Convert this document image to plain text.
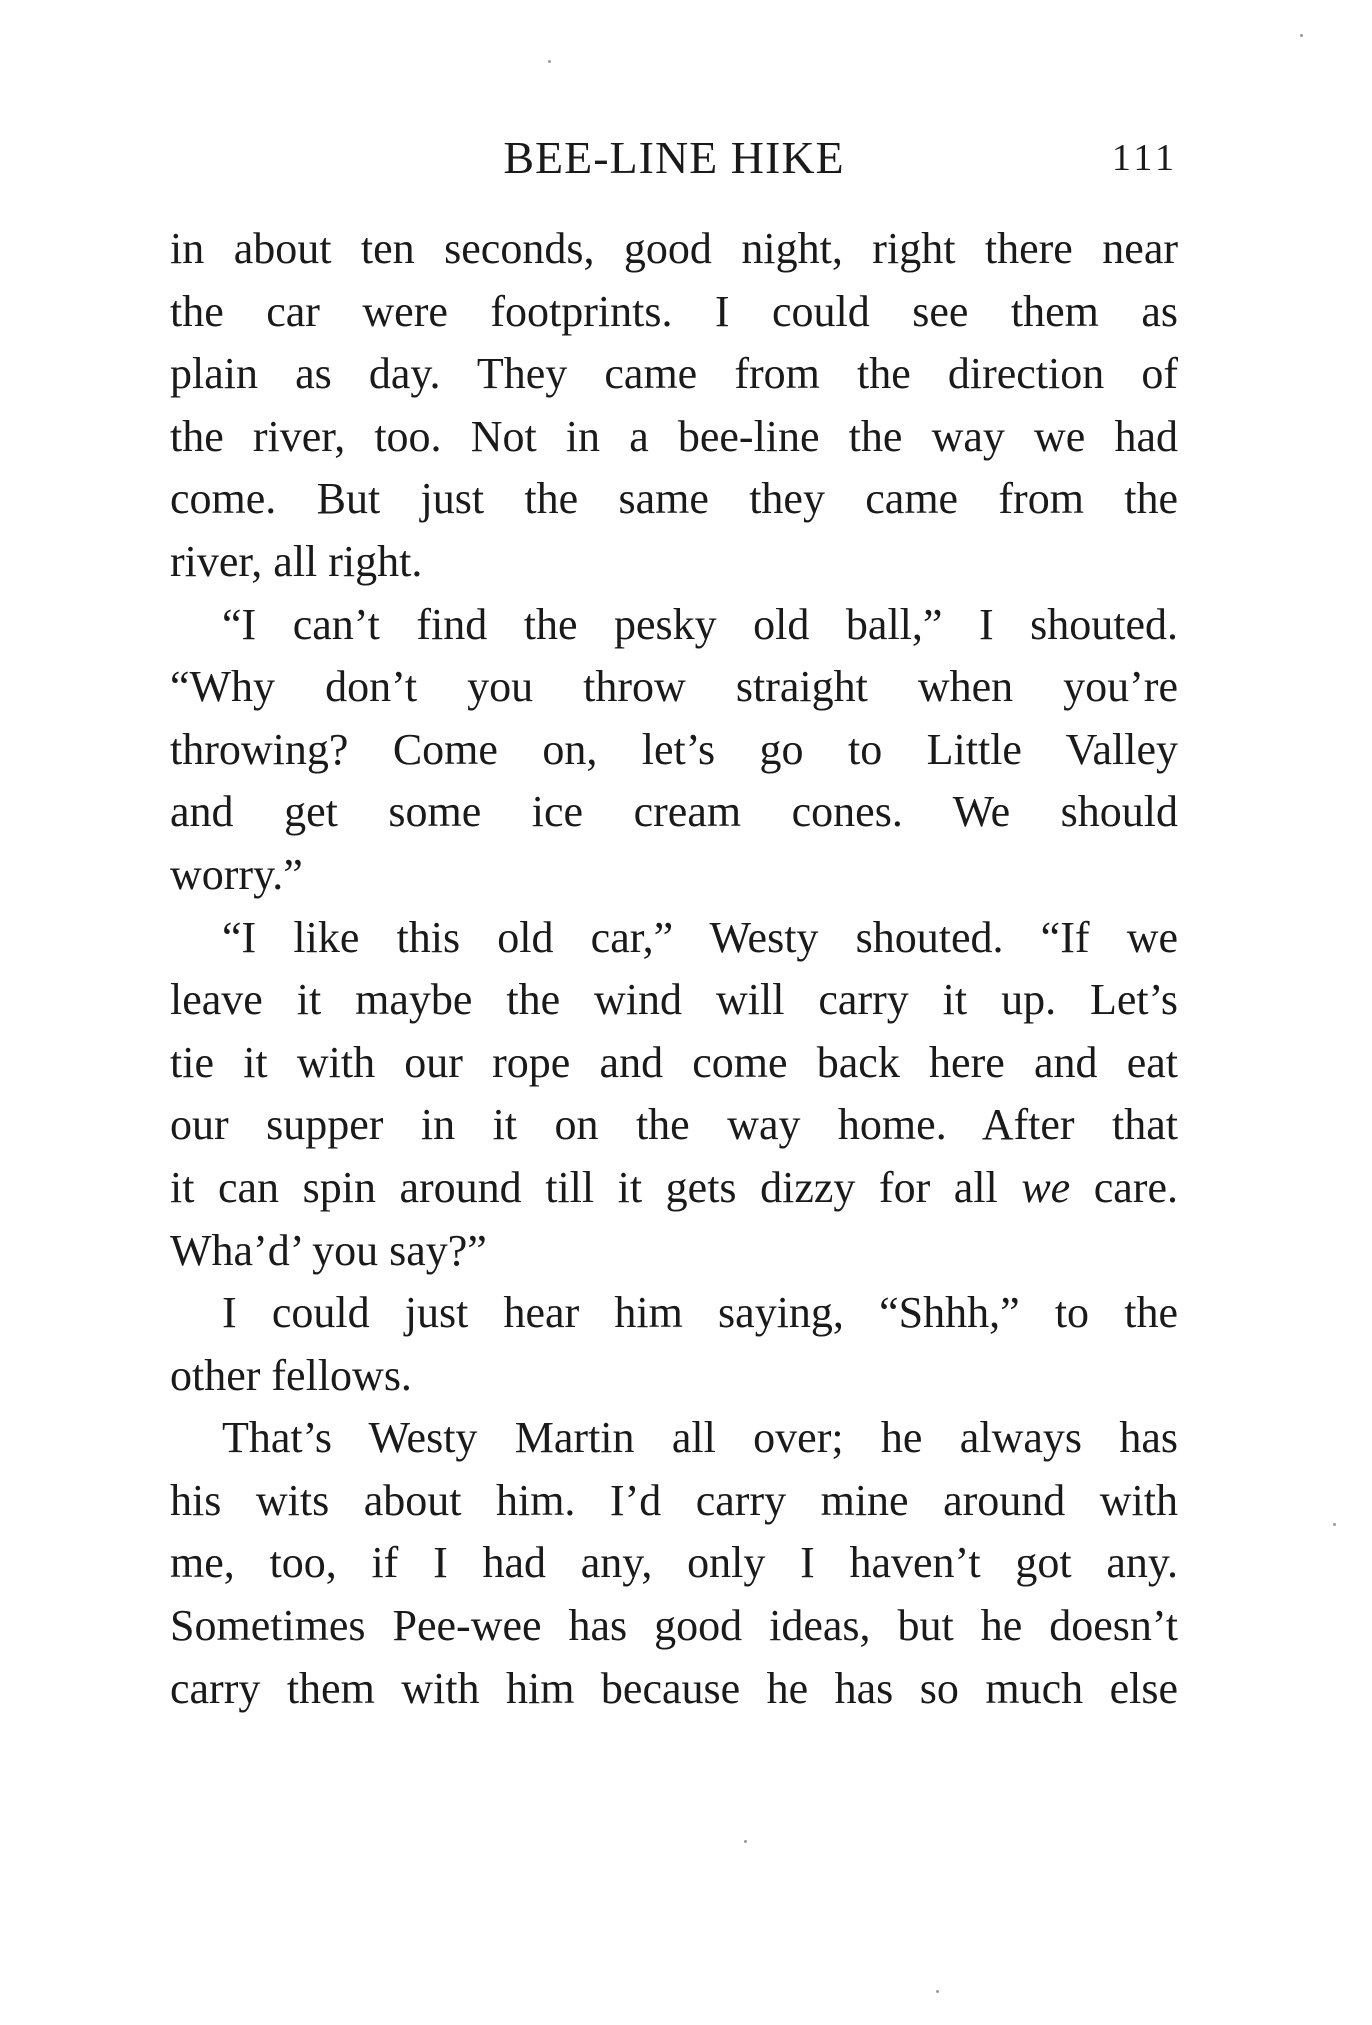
BEE-LINE HIKE	111
in about ten seconds, good night, right there near
the car were footprints. I could see them as
plain as day. They came from the direction of
the river, too. Not in a bee-line the way we had
come. But just the same they came from the
river, all right.
“I can’t find the pesky old ball,” I shouted.
“Why don’t you throw straight when you’re
throwing? Come on, let’s go to Little Valley
and get some ice cream cones. We should
worry.”
“I like this old car,” Westy shouted. “If we
leave it maybe the wind will carry it up. Let’s
tie it with our rope and come back here and eat
our supper in it on the way home. After that
it can spin around till it gets dizzy for all we care.
Wha’d’ you say?”
I could just hear him saying, “Shhh,” to the
other fellows.
That’s Westy Martin all over; he always has
his wits about him. I’d carry mine around with
me, too, if I had any, only I haven’t got any.
Sometimes Pee-wee has good ideas, but he doesn’t
carry them with him because he has so much else
